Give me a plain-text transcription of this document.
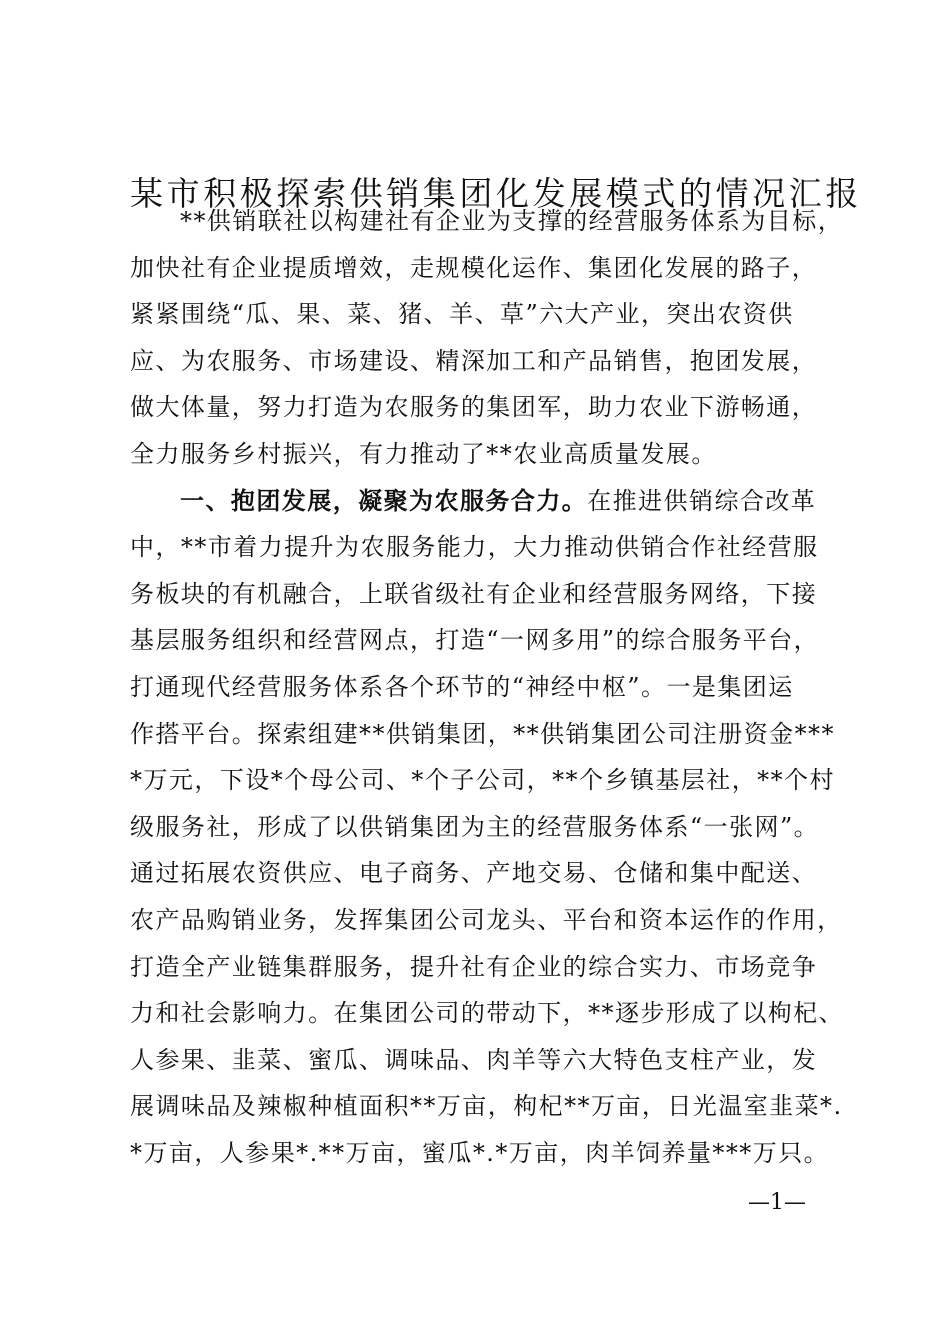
某市积极探索供销集团化发展模式的情况汇报
**供销联社以构建社有企业为支撑的经营服务体系为目标，
加快社有企业提质增效，走规模化运作、集团化发展的路子，
紧紧围绕“瓜、果、菜、猪、羊、草”六大产业，突出农资供
应、为农服务、市场建设、精深加工和产品销售，抱团发展，
做大体量，努力打造为农服务的集团军，助力农业下游畅通，
全力服务乡村振兴，有力推动了**农业高质量发展。
一、抱团发展，凝聚为农服务合力。在推进供销综合改革
中，**市着力提升为农服务能力，大力推动供销合作社经营服
务板块的有机融合，上联省级社有企业和经营服务网络，下接
基层服务组织和经营网点，打造“一网多用”的综合服务平台，
打通现代经营服务体系各个环节的“神经中枢”。一是集团运
作搭平台。探索组建**供销集团，**供销集团公司注册资金***
*万元，下设*个母公司、*个子公司，**个乡镇基层社，**个村
级服务社，形成了以供销集团为主的经营服务体系“一张网”。
通过拓展农资供应、电子商务、产地交易、仓储和集中配送、
农产品购销业务，发挥集团公司龙头、平台和资本运作的作用，
打造全产业链集群服务，提升社有企业的综合实力、市场竞争
力和社会影响力。在集团公司的带动下，**逐步形成了以枸杞、
人参果、韭菜、蜜瓜、调味品、肉羊等六大特色支柱产业，发
展调味品及辣椒种植面积**万亩，枸杞**万亩，日光温室韭菜*.
*万亩，人参果*.**万亩，蜜瓜*.*万亩，肉羊饲养量***万只。
—1—
